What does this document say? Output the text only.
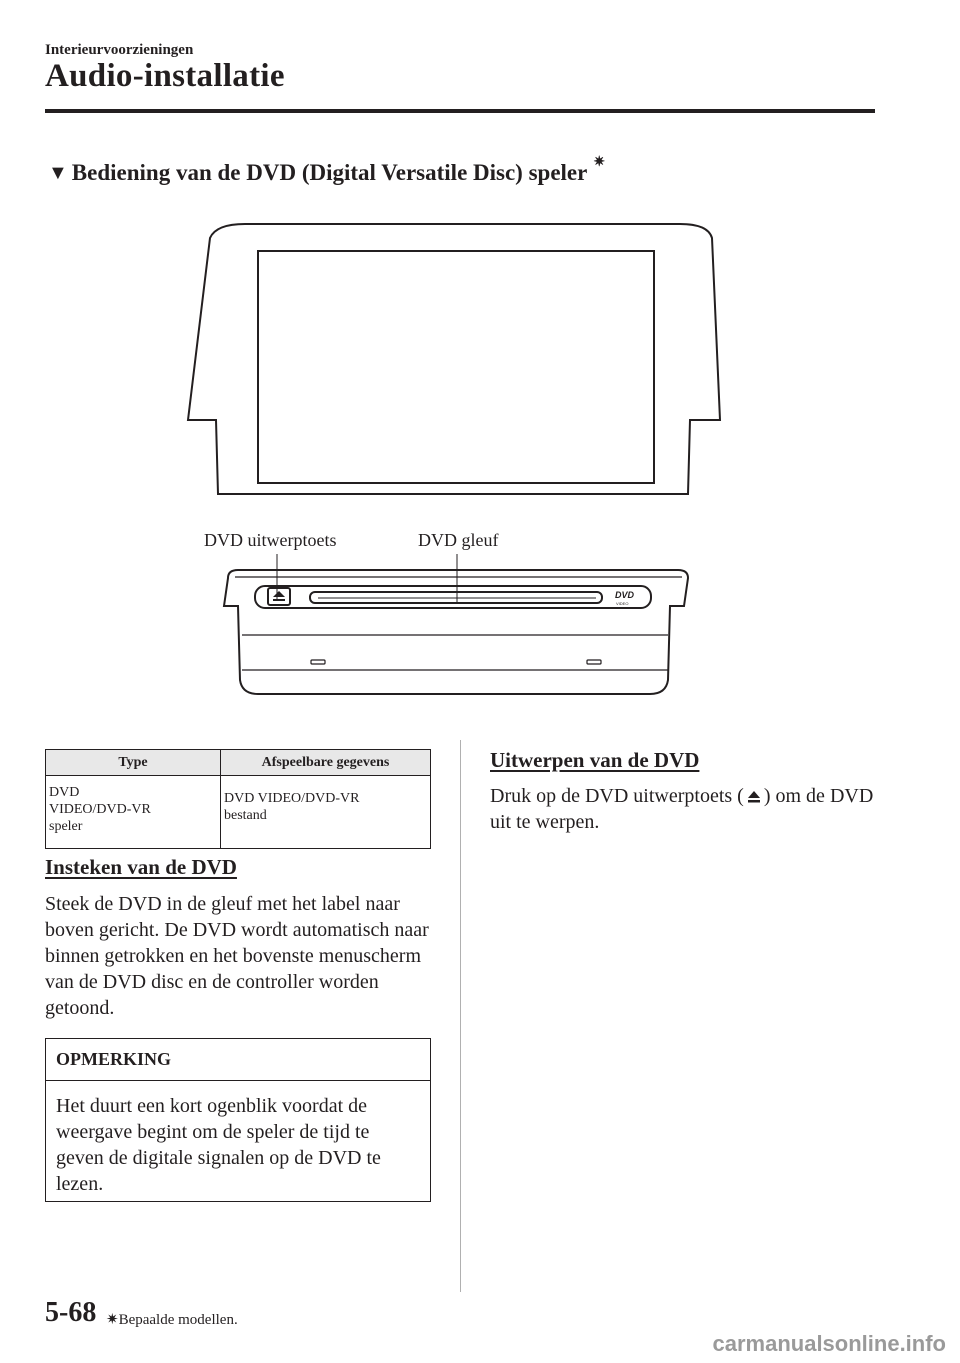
Interieurvoorzieningen
Audio-installatie
▼ Bediening van de DVD (Digital Versatile Disc) speler ✷
DVD
VIDEO
DVD uitwerptoets	DVD gleuf
Type	Afspeelbare gegevens
DVD
VIDEO/DVD-VR
speler	DVD VIDEO/DVD-VR
bestand
Insteken van de DVD
Steek de DVD in de gleuf met het label naar boven gericht. De DVD wordt automatisch naar binnen getrokken en het bovenste menuscherm van de DVD disc en de controller worden getoond.
OPMERKING
Het duurt een kort ogenblik voordat de weergave begint om de speler de tijd te geven de digitale signalen op de DVD te lezen.
Uitwerpen van de DVD
Druk op de DVD uitwerptoets ( ) om de DVD uit te werpen.
5-68 ✷Bepaalde modellen.
carmanualsonline.info
